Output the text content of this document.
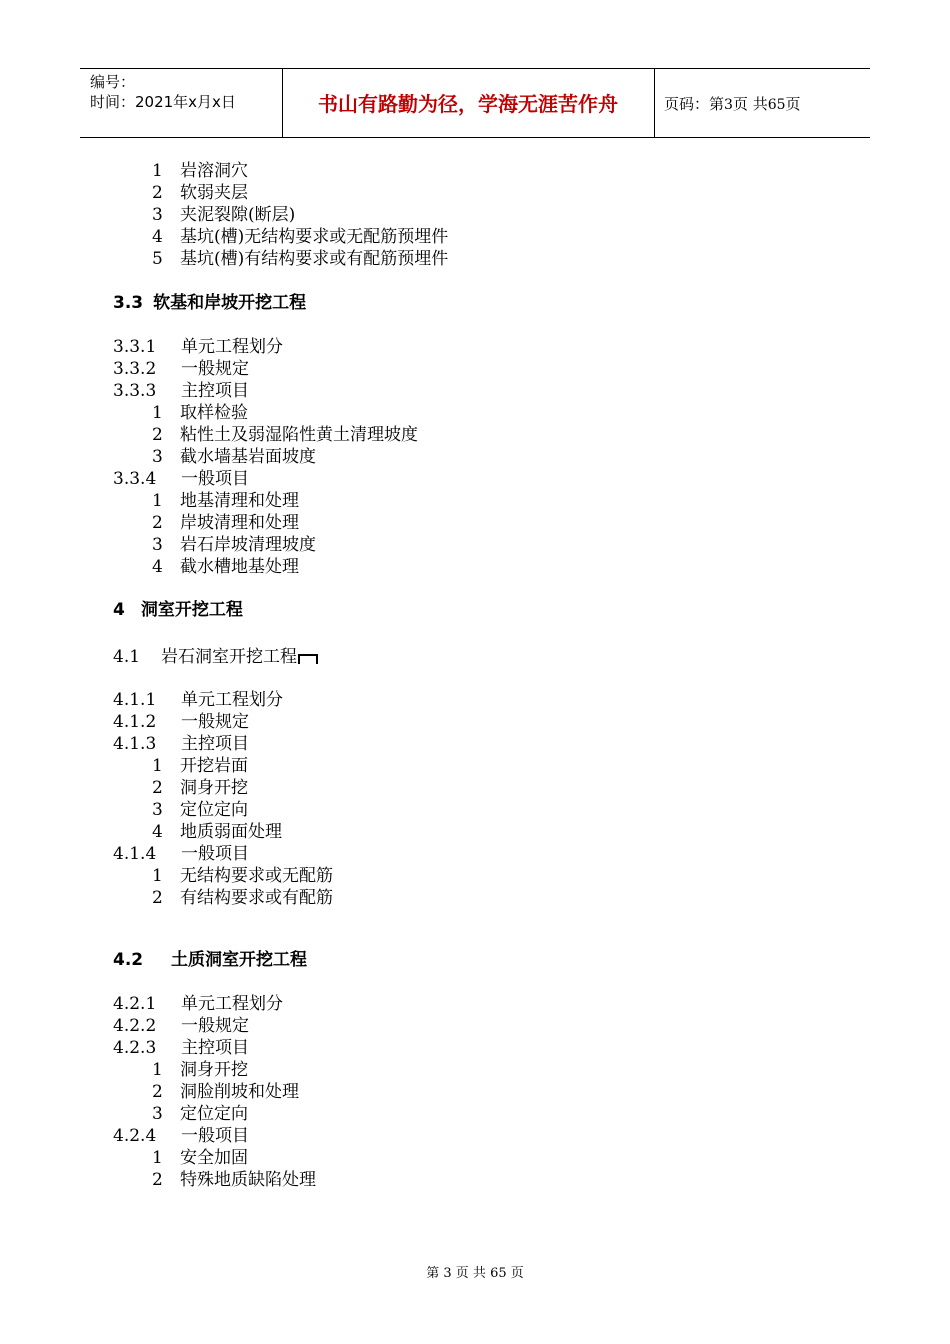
编号：
时间：2021年x月x日	书山有路勤为径，学海无涯苦作舟	页码：第3页 共65页
1 岩溶洞穴
2 软弱夹层
3 夹泥裂隙(断层)
4 基坑(槽)无结构要求或无配筋预埋件
5 基坑(槽)有结构要求或有配筋预埋件
3.3 软基和岸坡开挖工程
3.3.1 单元工程划分
3.3.2 一般规定
3.3.3 主控项目
1 取样检验
2 粘性土及弱湿陷性黄土清理坡度
3 截水墙基岩面坡度
3.3.4 一般项目
1 地基清理和处理
2 岸坡清理和处理
3 岩石岸坡清理坡度
4 截水槽地基处理
4 洞室开挖工程
4.1 岩石洞室开挖工程
4.1.1 单元工程划分
4.1.2 一般规定
4.1.3 主控项目
1 开挖岩面
2 洞身开挖
3 定位定向
4 地质弱面处理
4.1.4 一般项目
1 无结构要求或无配筋
2 有结构要求或有配筋
4.2 土质洞室开挖工程
4.2.1 单元工程划分
4.2.2 一般规定
4.2.3 主控项目
1 洞身开挖
2 洞脸削坡和处理
3 定位定向
4.2.4 一般项目
1 安全加固
2 特殊地质缺陷处理
第 3 页 共 65 页
